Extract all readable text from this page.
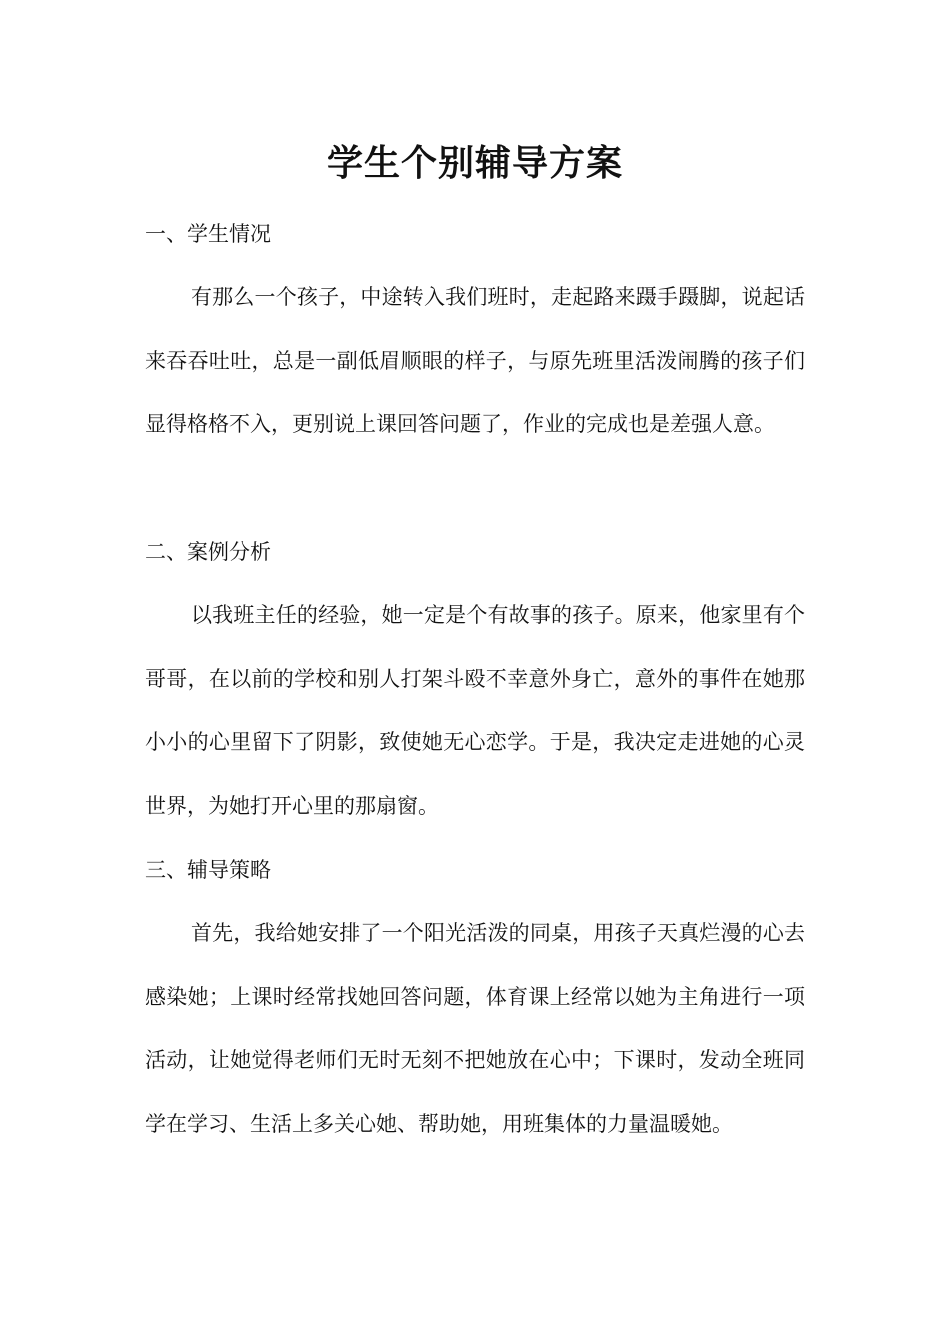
学生个别辅导方案
一、学生情况

有那么一个孩子，中途转入我们班时，走起路来蹑手蹑脚，说起话来吞吞吐吐，总是一副低眉顺眼的样子，与原先班里活泼闹腾的孩子们显得格格不入，更别说上课回答问题了，作业的完成也是差强人意。

二、案例分析

以我班主任的经验，她一定是个有故事的孩子。原来，他家里有个哥哥，在以前的学校和别人打架斗殴不幸意外身亡，意外的事件在她那小小的心里留下了阴影，致使她无心恋学。于是，我决定走进她的心灵世界，为她打开心里的那扇窗。

三、辅导策略

首先，我给她安排了一个阳光活泼的同桌，用孩子天真烂漫的心去感染她；上课时经常找她回答问题，体育课上经常以她为主角进行一项活动，让她觉得老师们无时无刻不把她放在心中；下课时，发动全班同学在学习、生活上多关心她、帮助她，用班集体的力量温暖她。
